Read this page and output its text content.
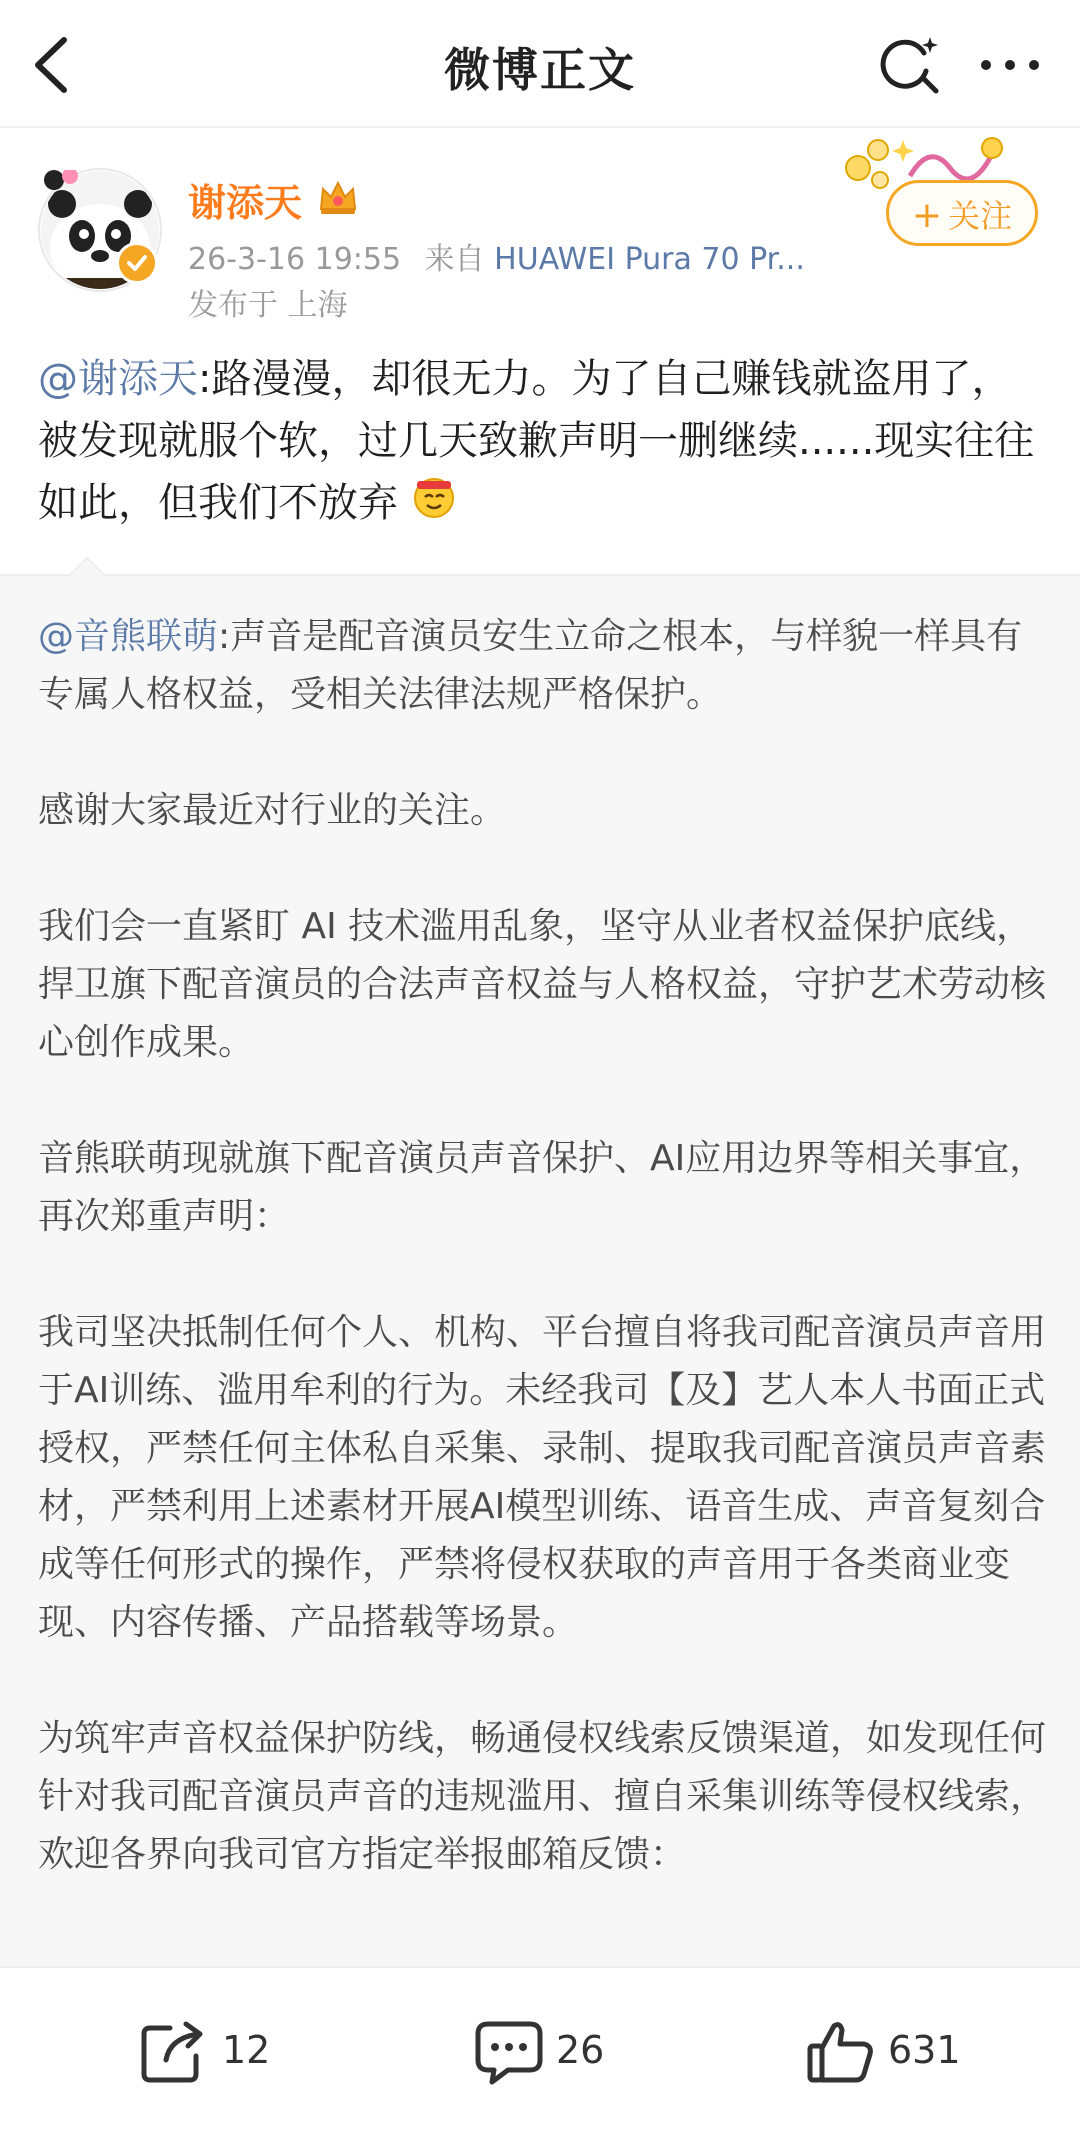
微博正文
谢添天
26-3-16 19:55 来自 HUAWEI Pura 70 Pr...
发布于 上海
+ 关注
@谢添天:路漫漫，却很无力。为了自己赚钱就盗用了，被发现就服个软，过几天致歉声明一删继续......现实往往如此，但我们不放弃

@音熊联萌:声音是配音演员安生立命之根本，与样貌一样具有专属人格权益，受相关法律法规严格保护。

感谢大家最近对行业的关注。

我们会一直紧盯 AI 技术滥用乱象，坚守从业者权益保护底线，捍卫旗下配音演员的合法声音权益与人格权益，守护艺术劳动核心创作成果。

音熊联萌现就旗下配音演员声音保护、AI应用边界等相关事宜，再次郑重声明：

我司坚决抵制任何个人、机构、平台擅自将我司配音演员声音用于AI训练、滥用牟利的行为。未经我司【及】艺人本人书面正式授权，严禁任何主体私自采集、录制、提取我司配音演员声音素材，严禁利用上述素材开展AI模型训练、语音生成、声音复刻合成等任何形式的操作，严禁将侵权获取的声音用于各类商业变现、内容传播、产品搭载等场景。

为筑牢声音权益保护防线，畅通侵权线索反馈渠道，如发现任何针对我司配音演员声音的违规滥用、擅自采集训练等侵权线索，欢迎各界向我司官方指定举报邮箱反馈：

12	26	631
